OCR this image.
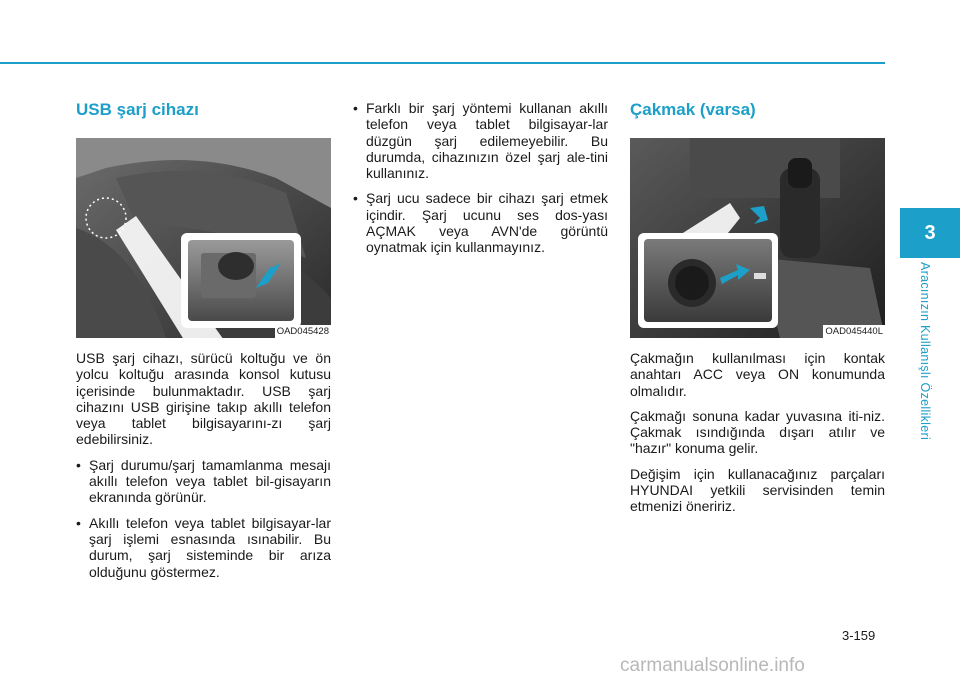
3
Aracınızın Kullanışlı Özellikleri
USB şarj cihazı
OAD045428

USB şarj cihazı, sürücü koltuğu ve ön yolcu koltuğu arasında konsol kutusu içerisinde bulunmaktadır. USB şarj cihazını USB girişine takıp akıllı telefon veya tablet bilgisayarını-zı şarj edebilirsiniz.

• Şarj durumu/şarj tamamlanma mesajı akıllı telefon veya tablet bil-gisayarın ekranında görünür.
• Akıllı telefon veya tablet bilgisayar-lar şarj işlemi esnasında ısınabilir. Bu durum, şarj sisteminde bir arıza olduğunu göstermez.
• Farklı bir şarj yöntemi kullanan akıllı telefon veya tablet bilgisayar-lar düzgün şarj edilemeyebilir. Bu durumda, cihazınızın özel şarj ale-tini kullanınız.
• Şarj ucu sadece bir cihazı şarj etmek içindir. Şarj ucunu ses dos-yası AÇMAK veya AVN'de görüntü oynatmak için kullanmayınız.
Çakmak (varsa)
OAD045440L

Çakmağın kullanılması için kontak anahtarı ACC veya ON konumunda olmalıdır.

Çakmağı sonuna kadar yuvasına iti-niz. Çakmak ısındığında dışarı atılır ve "hazır" konuma gelir.

Değişim için kullanacağınız parçaları HYUNDAI yetkili servisinden temin etmenizi öneririz.

3-159
carmanualsonline.info
